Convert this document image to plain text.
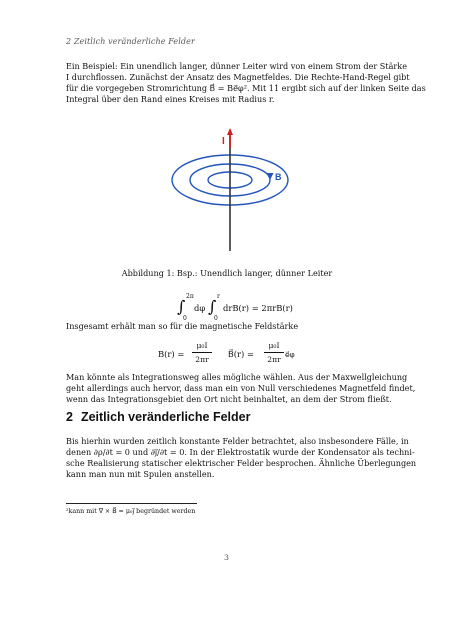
2 Zeitlich veränderliche Felder
Ein Beispiel: Ein unendlich langer, dünner Leiter wird von einem Strom der Stärke
I durchflossen. Zunächst der Ansatz des Magnetfeldes. Die Rechte-Hand-Regel gibt
für die vorgegeben Stromrichtung B⃗ = Be⃗φ². Mit 11 ergibt sich auf der linken Seite das
Integral über den Rand eines Kreises mit Radius r.
I
B
Abbildung 1: Bsp.: Unendlich langer, dünner Leiter
∫
2π
0
dφ ∫
r
0
drB(r) = 2πrB(r)
Insgesamt erhält man so für die magnetische Feldstärke
B(r) =
μ₀I
2πr
B⃗(r) =
μ₀I
2πr
e⃗φ
Man könnte als Integrationsweg alles mögliche wählen. Aus der Maxwellgleichung
geht allerdings auch hervor, dass man ein von Null verschiedenes Magnetfeld findet,
wenn das Integrationsgebiet den Ort nicht beinhaltet, an dem der Strom fließt.
2 Zeitlich veränderliche Felder
Bis hierhin wurden zeitlich konstante Felder betrachtet, also insbesondere Fälle, in
denen ∂ρ/∂t = 0 und ∂j⃗/∂t = 0. In der Elektrostatik wurde der Kondensator als techni-
sche Realisierung statischer elektrischer Felder besprochen. Ähnliche Überlegungen
kann man nun mit Spulen anstellen.
²kann mit ∇⃗ × B⃗ = μ₀j⃗ begründet werden
3
